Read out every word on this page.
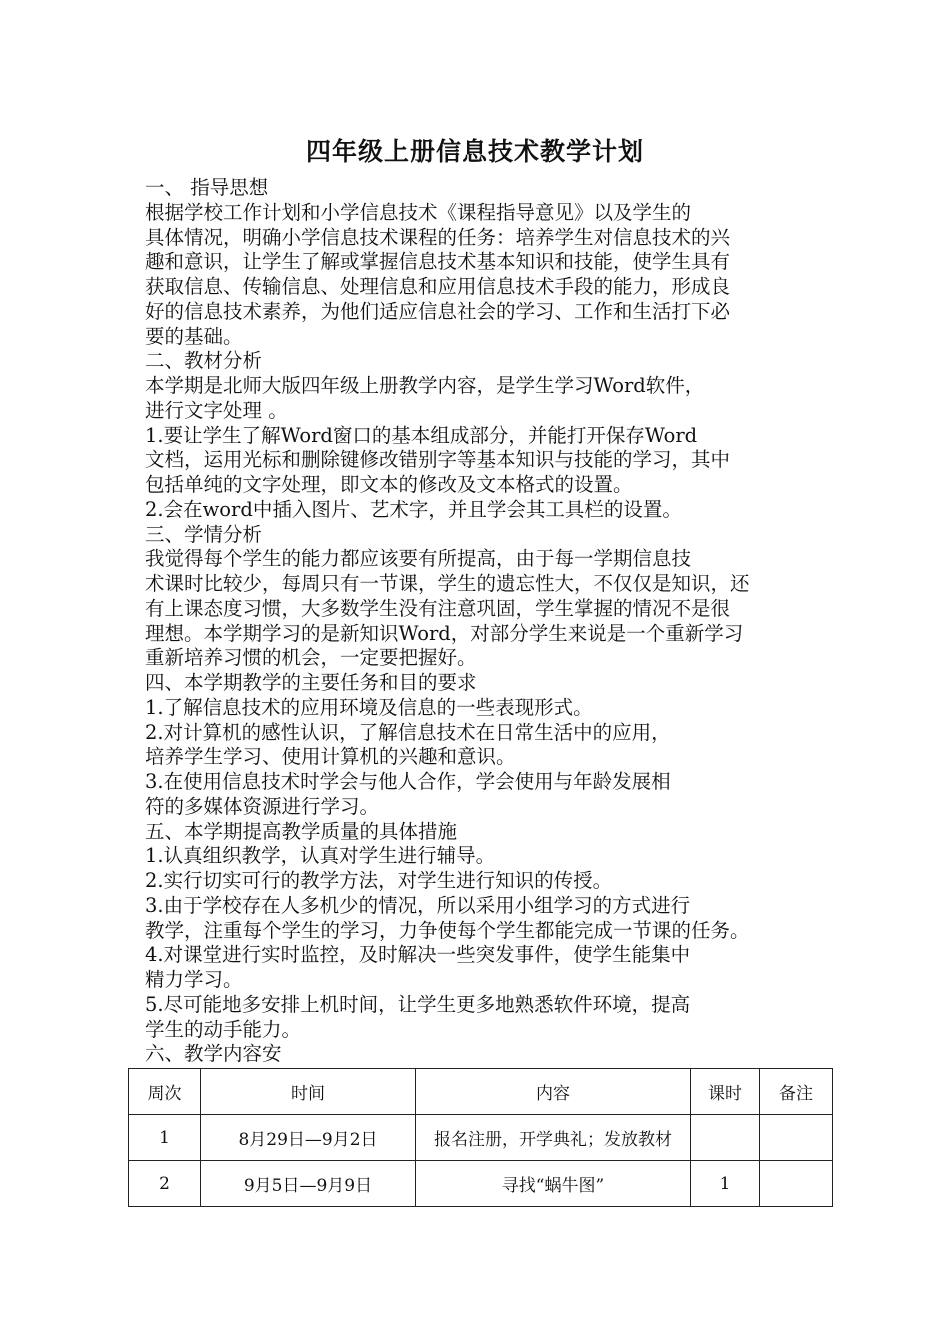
四年级上册信息技术教学计划
一、 指导思想
根据学校工作计划和小学信息技术《课程指导意见》以及学生的
具体情况，明确小学信息技术课程的任务：培养学生对信息技术的兴
趣和意识，让学生了解或掌握信息技术基本知识和技能，使学生具有
获取信息、传输信息、处理信息和应用信息技术手段的能力，形成良
好的信息技术素养，为他们适应信息社会的学习、工作和生活打下必
要的基础。
二、教材分析
本学期是北师大版四年级上册教学内容，是学生学习Word软件，
进行文字处理 。
1.要让学生了解Word窗口的基本组成部分，并能打开保存Word
文档，运用光标和删除键修改错别字等基本知识与技能的学习，其中
包括单纯的文字处理，即文本的修改及文本格式的设置。
2.会在word中插入图片、艺术字，并且学会其工具栏的设置。
三、学情分析
我觉得每个学生的能力都应该要有所提高，由于每一学期信息技
术课时比较少，每周只有一节课，学生的遗忘性大，不仅仅是知识，还
有上课态度习惯，大多数学生没有注意巩固，学生掌握的情况不是很
理想。本学期学习的是新知识Word，对部分学生来说是一个重新学习
重新培养习惯的机会，一定要把握好。
四、本学期教学的主要任务和目的要求
1.了解信息技术的应用环境及信息的一些表现形式。
2.对计算机的感性认识，了解信息技术在日常生活中的应用，
培养学生学习、使用计算机的兴趣和意识。
3.在使用信息技术时学会与他人合作，学会使用与年龄发展相
符的多媒体资源进行学习。
五、本学期提高教学质量的具体措施
1.认真组织教学，认真对学生进行辅导。
2.实行切实可行的教学方法，对学生进行知识的传授。
3.由于学校存在人多机少的情况，所以采用小组学习的方式进行
教学，注重每个学生的学习，力争使每个学生都能完成一节课的任务。
4.对课堂进行实时监控，及时解决一些突发事件，使学生能集中
精力学习。
5.尽可能地多安排上机时间，让学生更多地熟悉软件环境，提高
学生的动手能力。
六、教学内容安
周次	时间	内容	课时	备注
1	8月29日—9月2日	报名注册，开学典礼；发放教材		
2	9月5日—9月9日	寻找“蜗牛图”	1	
